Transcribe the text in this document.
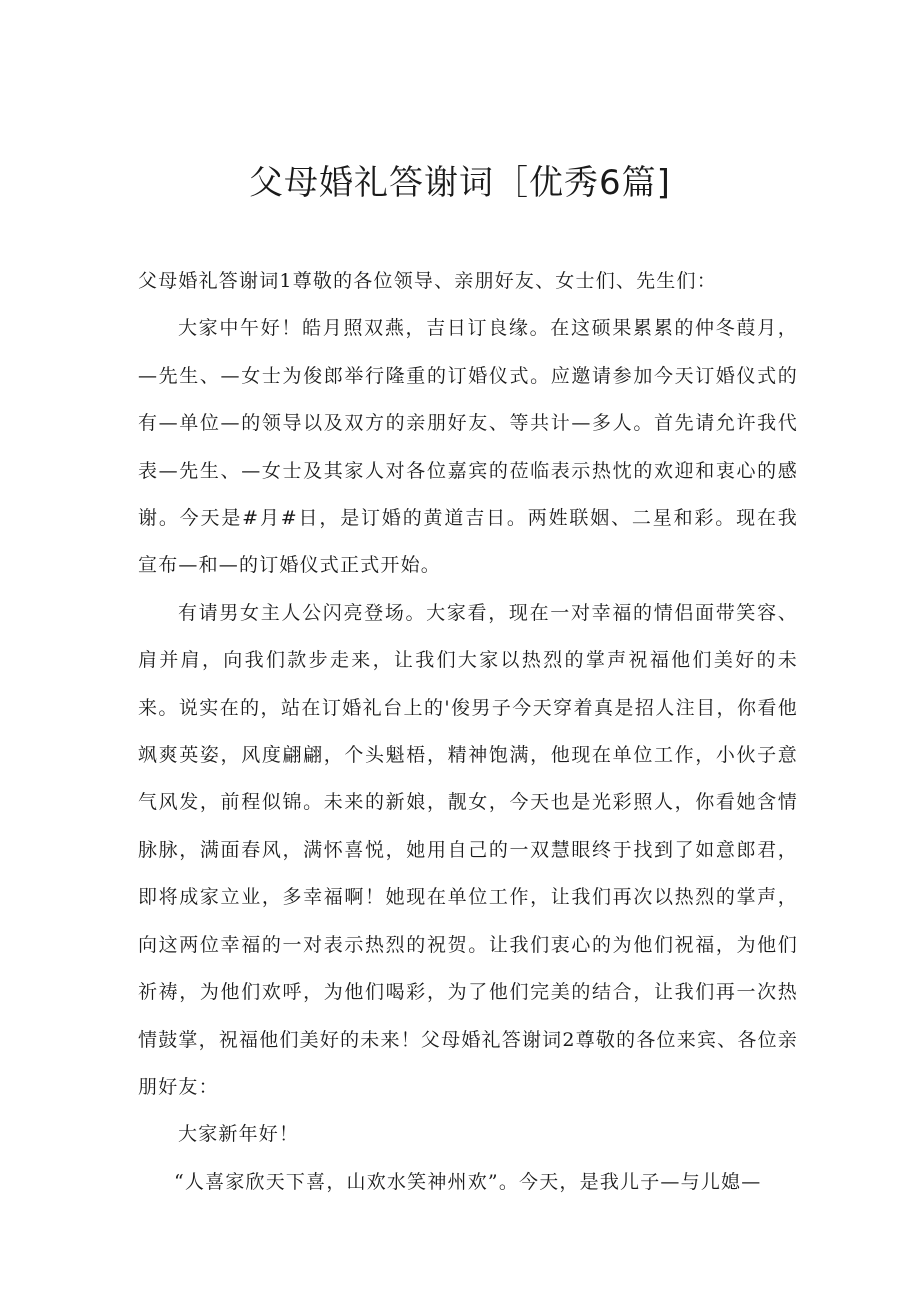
父母婚礼答谢词［优秀6篇]

父母婚礼答谢词1尊敬的各位领导、亲朋好友、女士们、先生们：

大家中午好！皓月照双燕，吉日订良缘。在这硕果累累的仲冬葭月，—先生、—女士为俊郎举行隆重的订婚仪式。应邀请参加今天订婚仪式的有—单位—的领导以及双方的亲朋好友、等共计—多人。首先请允许我代表—先生、—女士及其家人对各位嘉宾的莅临表示热忱的欢迎和衷心的感谢。今天是#月#日，是订婚的黄道吉日。两姓联姻、二星和彩。现在我宣布—和—的订婚仪式正式开始。

有请男女主人公闪亮登场。大家看，现在一对幸福的情侣面带笑容、肩并肩，向我们款步走来，让我们大家以热烈的掌声祝福他们美好的未来。说实在的，站在订婚礼台上的'俊男子今天穿着真是招人注目，你看他飒爽英姿，风度翩翩，个头魁梧，精神饱满，他现在单位工作，小伙子意气风发，前程似锦。未来的新娘，靓女，今天也是光彩照人，你看她含情脉脉，满面春风，满怀喜悦，她用自己的一双慧眼终于找到了如意郎君，即将成家立业，多幸福啊！她现在单位工作，让我们再次以热烈的掌声，向这两位幸福的一对表示热烈的祝贺。让我们衷心的为他们祝福，为他们祈祷，为他们欢呼，为他们喝彩，为了他们完美的结合，让我们再一次热情鼓掌，祝福他们美好的未来！父母婚礼答谢词2尊敬的各位来宾、各位亲朋好友：

大家新年好！

“人喜家欣天下喜，山欢水笑神州欢”。今天，是我儿子—与儿媳—
